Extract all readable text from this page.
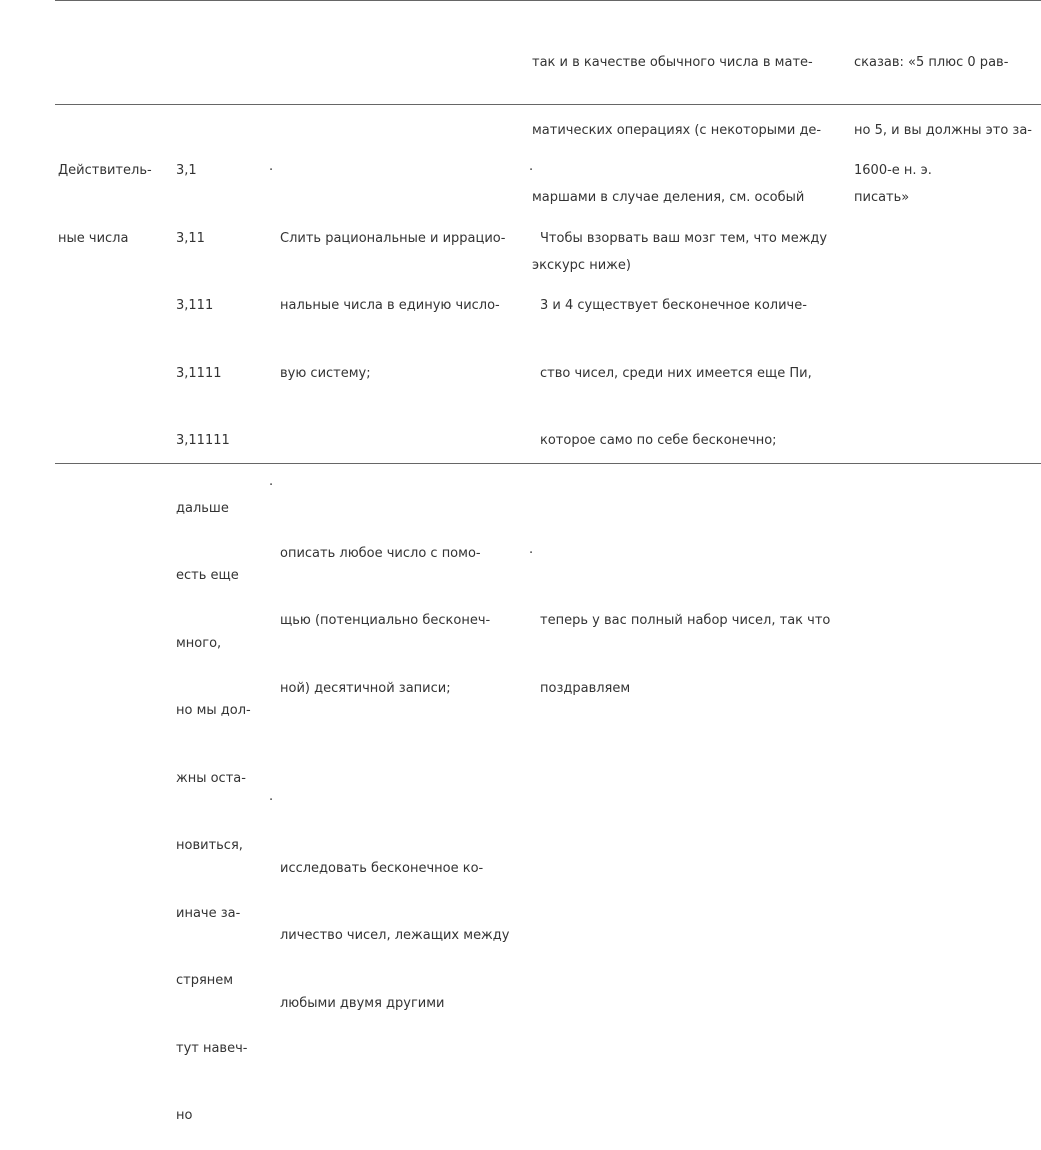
так и в качестве обычного числа в мате-

матических операциях (с некоторыми де-

маршами в случае деления, см. особый

экскурс ниже)

сказав: «5 плюс 0 рав-

но 5, и вы должны это за-

писать»

Действитель-

ные числа

3,1

3,11

3,111

3,1111

3,11111

дальше

есть еще

много,

но мы дол-

жны оста-

новиться,

иначе за-

стрянем

тут навеч-

но

·

Слить рациональные и иррацио-

нальные числа в единую число-

вую систему;

·

описать любое число с помо-

щью (потенциально бесконеч-

ной) десятичной записи;

·

исследовать бесконечное ко-

личество чисел, лежащих между

любыми двумя другими

·

Чтобы взорвать ваш мозг тем, что между

3 и 4 существует бесконечное количе-

ство чисел, среди них имеется еще Пи,

которое само по себе бесконечно;

·

теперь у вас полный набор чисел, так что

поздравляем

1600-е н. э.
